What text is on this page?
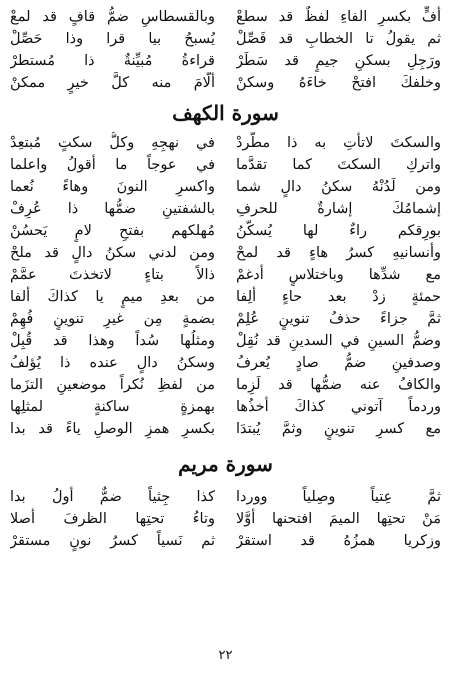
أُفٍّ بكسرِ الفاءِ لفظٌ قد سطعْ
وبالقسطاسِ ضمُّ قافٍ قد لمعْ
ثم يقولُ تا الخطابِ قد فَصِّلْ
يُسبحُ بيا قرا وذا حَصِّلْ
ورَجِلِ بسكنِ جيمٍ قد سَطَرْ
قراءةُ مُبيِّنةٌ ذا مُستطرْ
وخلفكَ افتحْ خاءَهُ وسكنْ
ألَّامَ منه كلَّ خيرٍ ممكنْ
سورة الكهف
والسكتَ لاتأتِ به ذا مطَّردْ
في نهجِهِ وكلُّ سكتٍ مُبتعِدْ
واتركِ السكتَ كما تقدَّما
في عوجاً ما أقولُ واعلما
ومن لَدُنْهُ سكنُ دالٍ شما
واكسرِ النونَ وهاءً نُعما
إشمامُكَ إشارةٌ للحرفِ
بالشفتينِ ضمُّها ذا عُرِفْ
بورِقكم راءٌ لها يُسكَّنُ
مُهلكهم بفتحِ لامٍ يَحسُنْ
وأنسانيهِ كسرُ هاءٍ قد لمحْ
ومن لدني سكنُ دالٍ قد ملحْ
مع شدِّها وباختلاسٍ أدغمْ
ذالاً بتاءٍ لاتخذتَ عمَّمْ
حمئةٍ زدْ بعد حاءٍ ألِفا
من بعدِ ميمٍ يا كذاكَ أُلفا
ثمَّ جزاءً حذفُ تنوينٍ عُلِمْ
بضمةٍ مِن غيرِ تنوينٍ فُهِمْ
وضمُّ السينِ في السدينِ قد نُقِلْ
ومثلُها سُداً وهذا قد قُبِلْ
وصدفينِ ضمُّ صادٍ يُعرفُ
وسكنُ دالٍ عنده ذا يُؤلفُ
والكافُ عنه ضمُّها قد لَزِما
من لفظِ نُكراً موضعينِ التزَما
وردماً آتوني كذاكَ أخذُها
بهمزةٍ ساكنةٍ لمثلِها
مع كسرِ تنوينٍ وثمَّ يُبتدَا
بكسرِ همزِ الوصلِ ياءً قد بدا
سورة مريم
ثمَّ عِتياً وصِلياً ووردا
كذا جِثياً ضمٌّ أولُ بدا
مَنْ تحتِها الميمَ افتحنها أوَّلا
وتاءُ تحتِها الظرفَ أصلا
وزكريا همزُهُ قد استقرْ
ثم نَسياً كسرُ نونٍ مستقرْ
٢٢
